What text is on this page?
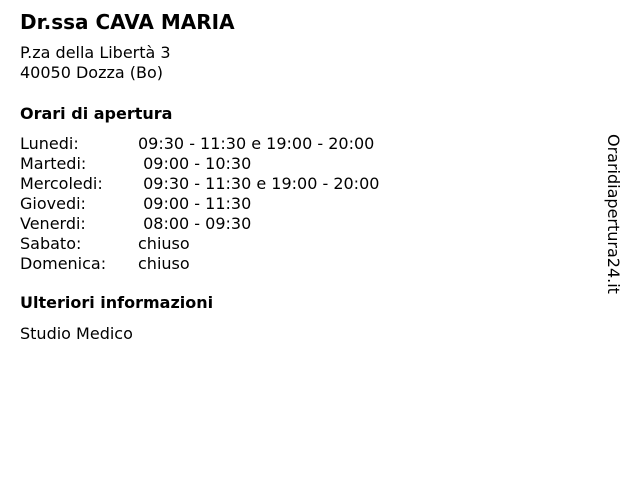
Dr.ssa CAVA MARIA
P.za della Libertà 3
40050 Dozza (Bo)
Orari di apertura
Lunedi:	09:30 - 11:30 e 19:00 - 20:00
Martedi:	09:00 - 10:30
Mercoledi: 09:30 - 11:30 e 19:00 - 20:00
Giovedi:	09:00 - 11:30
Venerdi:	08:00 - 09:30
Sabato:	chiuso
Domenica: chiuso
Ulteriori informazioni
Studio Medico
Oraridiapertura24.it
